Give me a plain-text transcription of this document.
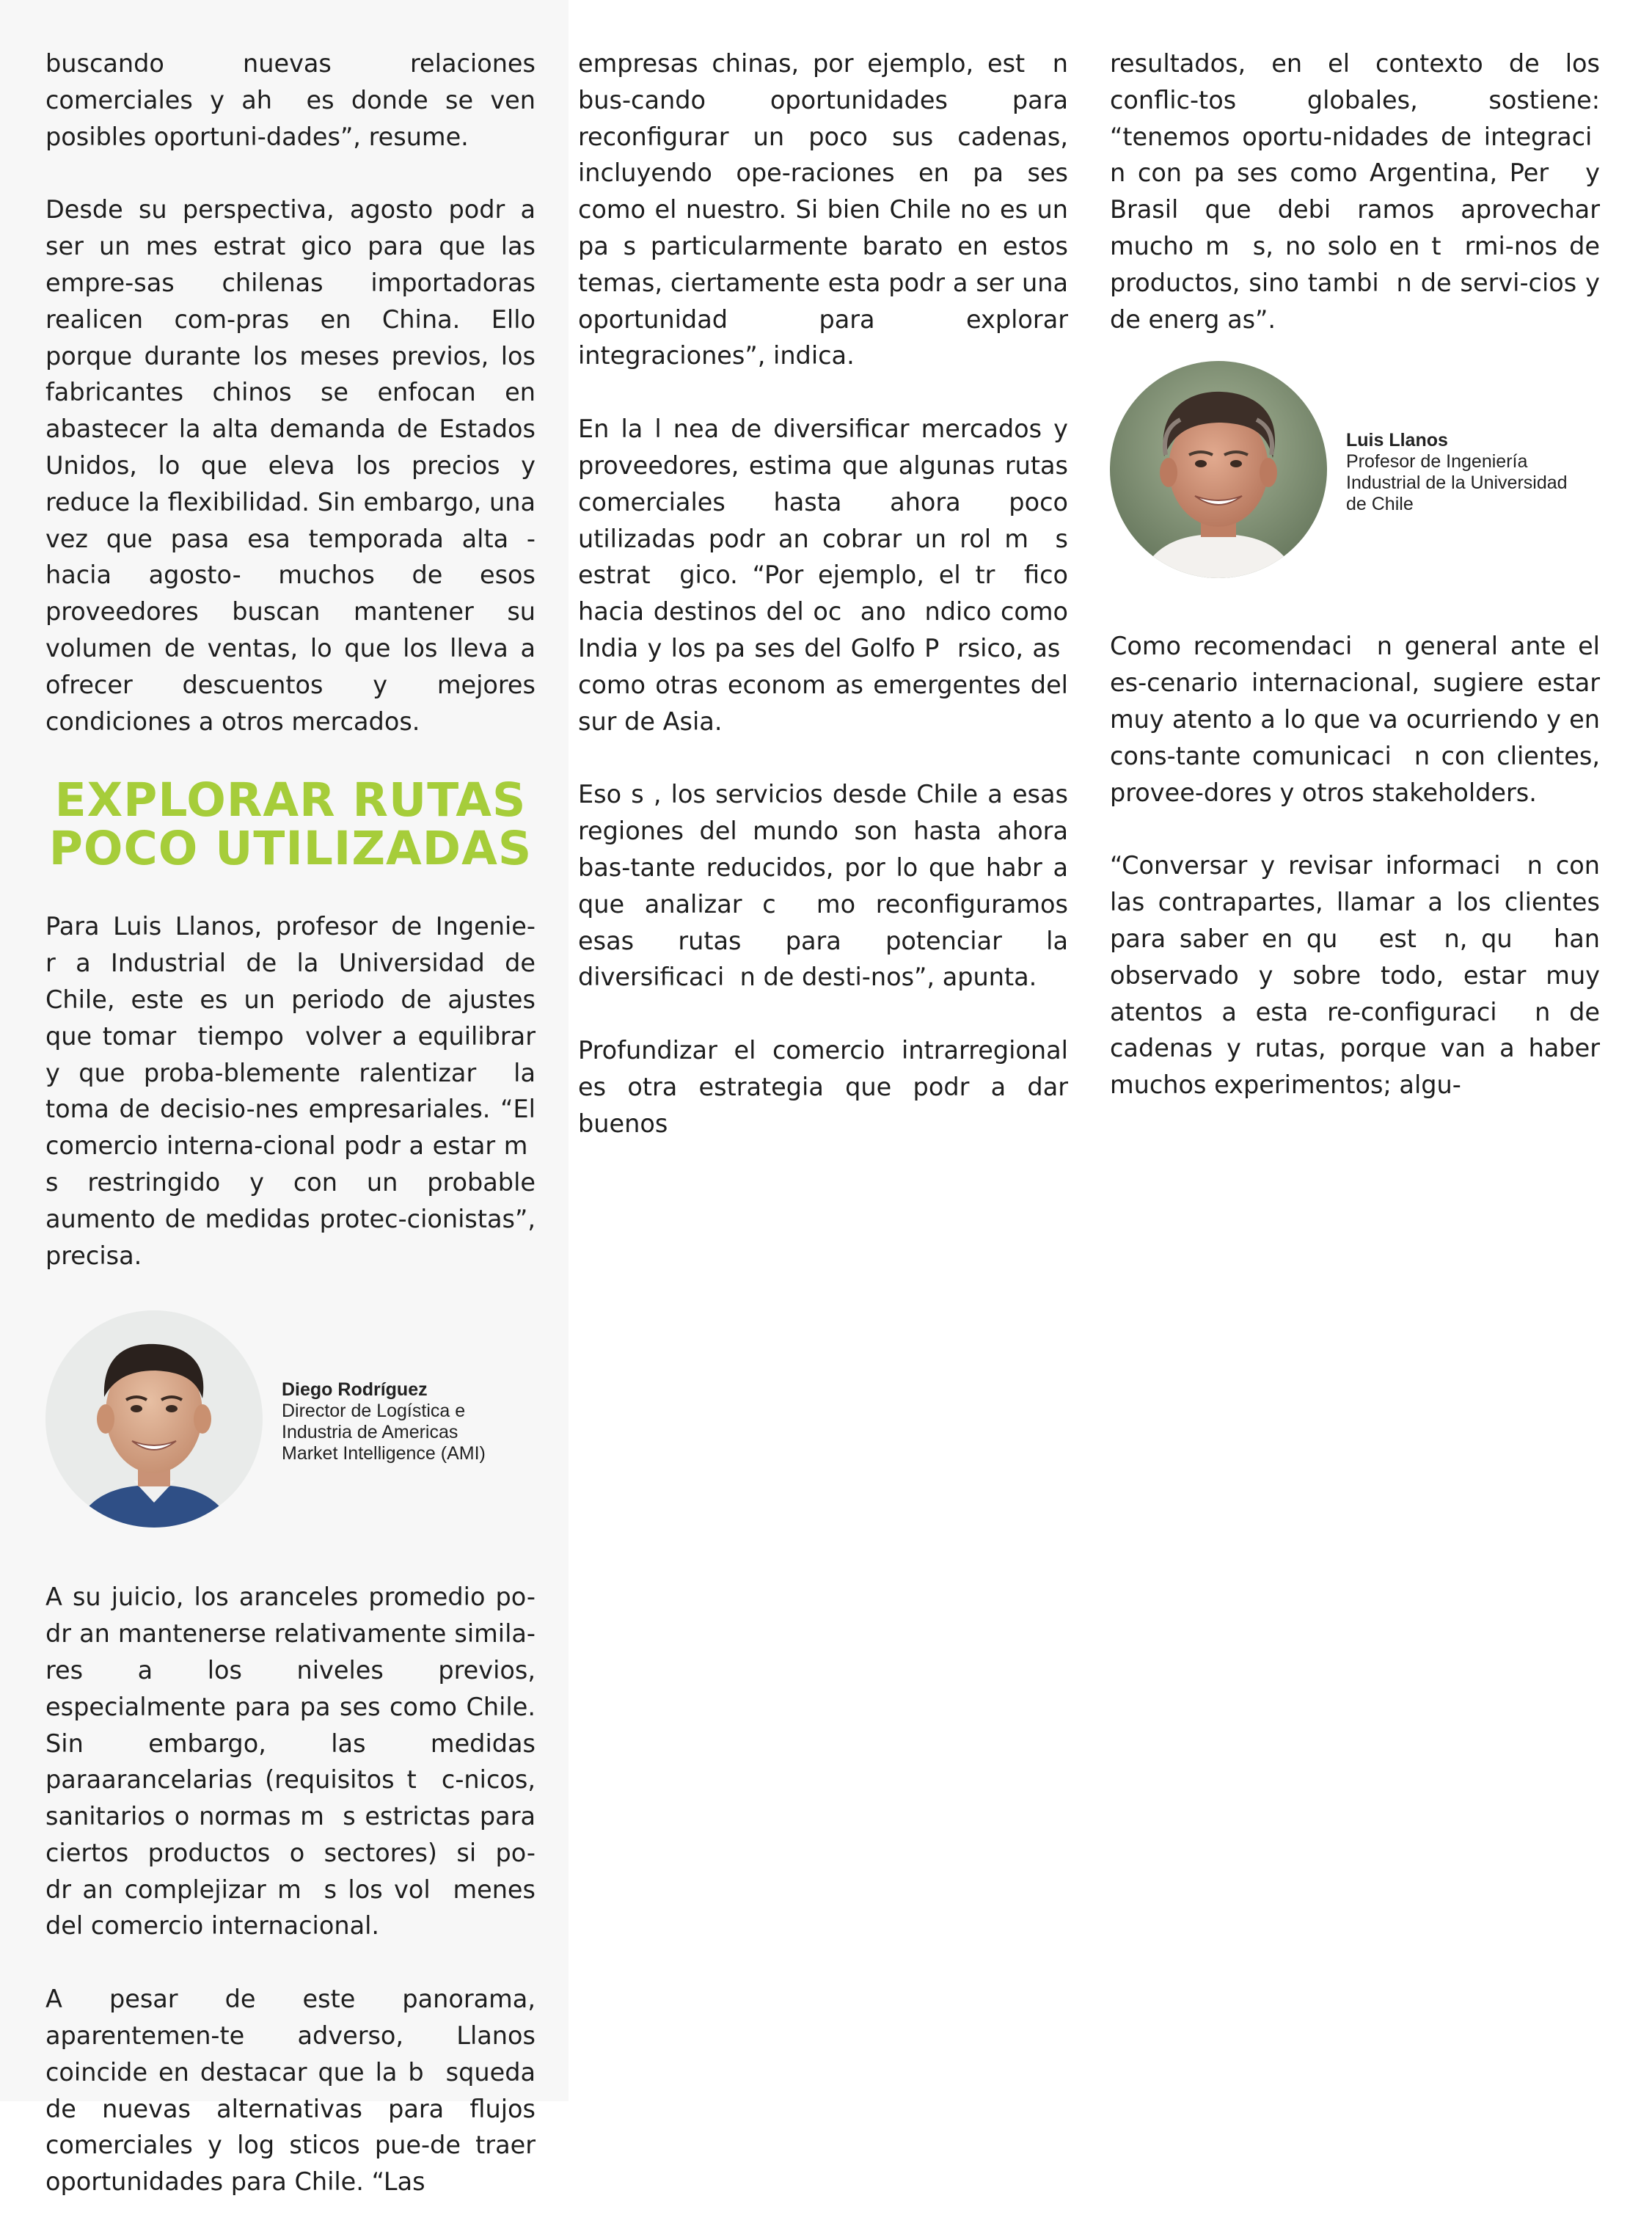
buscando nuevas relaciones comerciales y ah  es donde se ven posibles oportuni-dades”, resume.

Desde su perspectiva, agosto podr a ser un mes estrat gico para que las empre-sas chilenas importadoras realicen com-pras en China. Ello porque durante los meses previos, los fabricantes chinos se enfocan en abastecer la alta demanda de Estados Unidos, lo que eleva los precios y reduce la flexibilidad. Sin embargo, una vez que pasa esa temporada alta -hacia agosto- muchos de esos proveedores buscan mantener su volumen de ventas, lo que los lleva a ofrecer descuentos y mejores condiciones a otros mercados.

EXPLORAR RUTAS
POCO UTILIZADAS

Para Luis Llanos, profesor de Ingenie-r a Industrial de la Universidad de Chile, este es un periodo de ajustes que tomar  tiempo  volver a equilibrar y que proba-blemente ralentizar  la toma de decisio-nes empresariales. “El comercio interna-cional podr a estar m  s restringido y con un probable aumento de medidas protec-cionistas”, precisa.

Diego Rodríguez
Director de Logística e
Industria de Americas
Market Intelligence (AMI)

A su juicio, los aranceles promedio po-dr an mantenerse relativamente simila-res a los niveles previos, especialmente para pa ses como Chile. Sin embargo, las medidas paraarancelarias (requisitos t  c-nicos, sanitarios o normas m  s estrictas para ciertos productos o sectores) si po-dr an complejizar m  s los vol  menes del comercio internacional.

A pesar de este panorama, aparentemen-te adverso, Llanos coincide en destacar que la b  squeda de nuevas alternativas para flujos comerciales y log sticos pue-de traer oportunidades para Chile. “Las

empresas chinas, por ejemplo, est  n bus-cando oportunidades para reconfigurar un poco sus cadenas, incluyendo ope-raciones en pa ses como el nuestro. Si bien Chile no es un pa s particularmente barato en estos temas, ciertamente esta podr a ser una oportunidad para explorar integraciones”, indica.

En la l nea de diversificar mercados y proveedores, estima que algunas rutas comerciales hasta ahora poco utilizadas podr an cobrar un rol m  s estrat  gico. “Por ejemplo, el tr  fico hacia destinos del oc  ano  ndico como India y los pa ses del Golfo P  rsico, as  como otras econom as emergentes del sur de Asia.

Eso s , los servicios desde Chile a esas regiones del mundo son hasta ahora bas-tante reducidos, por lo que habr a que analizar c  mo reconfiguramos esas rutas para potenciar la diversificaci  n de desti-nos”, apunta.

Profundizar el comercio intrarregional es otra estrategia que podr a dar buenos

resultados, en el contexto de los conflic-tos globales, sostiene: “tenemos oportu-nidades de integraci  n con pa ses como Argentina, Per   y Brasil que debi ramos aprovechar mucho m  s, no solo en t  rmi-nos de productos, sino tambi  n de servi-cios y de energ as”.

Luis Llanos
Profesor de Ingeniería
Industrial de la Universidad
de Chile

Como recomendaci  n general ante el es-cenario internacional, sugiere estar muy atento a lo que va ocurriendo y en cons-tante comunicaci  n con clientes, provee-dores y otros stakeholders.

“Conversar y revisar informaci  n con las contrapartes, llamar a los clientes para saber en qu   est  n, qu   han observado y sobre todo, estar muy atentos a esta re-configuraci  n de cadenas y rutas, porque van a haber muchos experimentos; algu-
